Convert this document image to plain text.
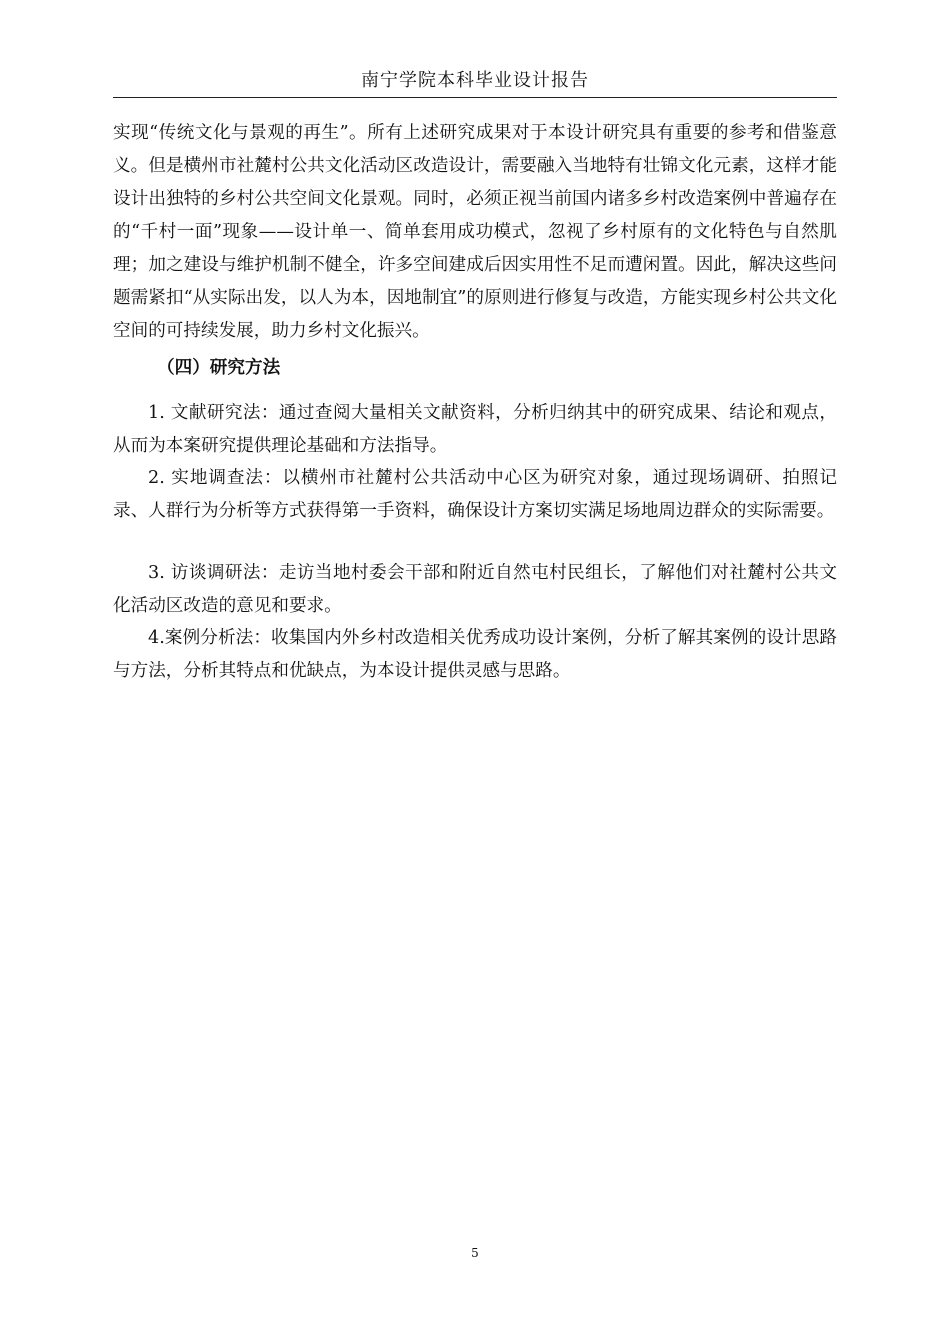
南宁学院本科毕业设计报告

实现“传统文化与景观的再生”。所有上述研究成果对于本设计研究具有重要的参考和借鉴意义。但是横州市社麓村公共文化活动区改造设计，需要融入当地特有壮锦文化元素，这样才能设计出独特的乡村公共空间文化景观。同时，必须正视当前国内诸多乡村改造案例中普遍存在的“千村一面”现象——设计单一、简单套用成功模式，忽视了乡村原有的文化特色与自然肌理；加之建设与维护机制不健全，许多空间建成后因实用性不足而遭闲置。因此，解决这些问题需紧扣“从实际出发，以人为本，因地制宜”的原则进行修复与改造，方能实现乡村公共文化空间的可持续发展，助力乡村文化振兴。

（四）研究方法

1. 文献研究法：通过查阅大量相关文献资料，分析归纳其中的研究成果、结论和观点，从而为本案研究提供理论基础和方法指导。

2. 实地调查法：以横州市社麓村公共活动中心区为研究对象，通过现场调研、拍照记录、人群行为分析等方式获得第一手资料，确保设计方案切实满足场地周边群众的实际需要。

3. 访谈调研法：走访当地村委会干部和附近自然屯村民组长，了解他们对社麓村公共文化活动区改造的意见和要求。

4.案例分析法：收集国内外乡村改造相关优秀成功设计案例，分析了解其案例的设计思路与方法，分析其特点和优缺点，为本设计提供灵感与思路。

5
